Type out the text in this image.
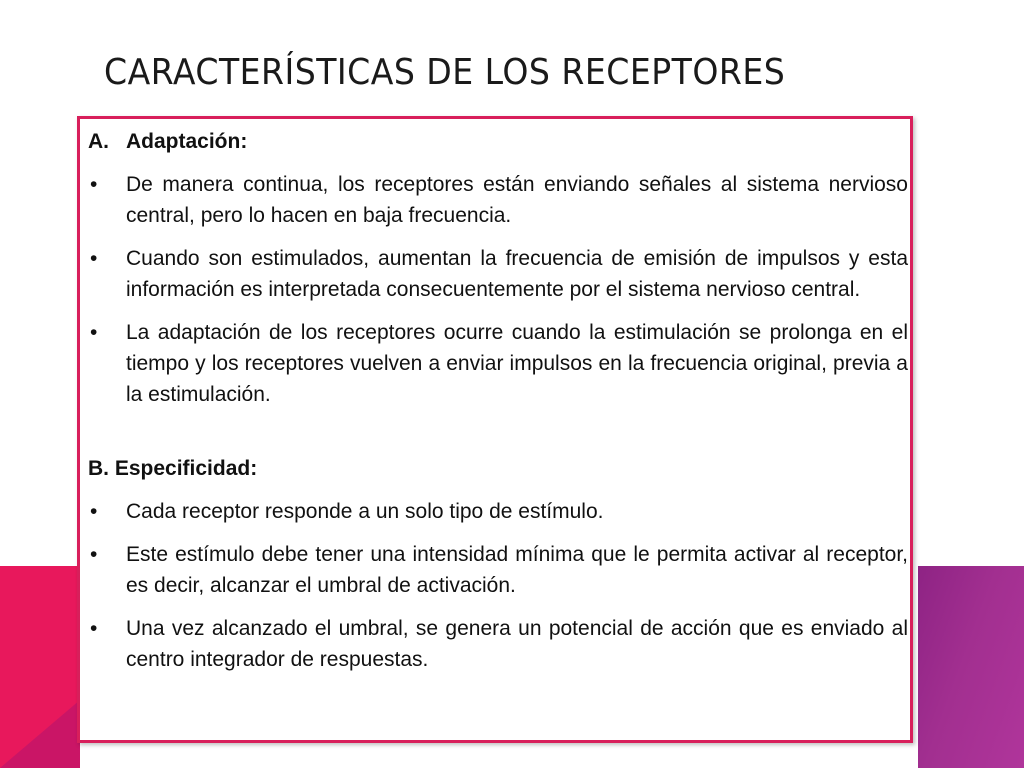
CARACTERÍSTICAS DE LOS RECEPTORES
A. Adaptación:
•	De manera continua, los receptores están enviando señales al sistema nervioso central, pero lo hacen en baja frecuencia.
•	Cuando son estimulados, aumentan la frecuencia de emisión de impulsos y esta información es interpretada consecuentemente por el sistema nervioso central.
•	La adaptación de los receptores ocurre cuando la estimulación se prolonga en el tiempo y los receptores vuelven a enviar impulsos en la frecuencia original, previa a la estimulación.
B. Especificidad:
•	Cada receptor responde a un solo tipo de estímulo.
•	Este estímulo debe tener una intensidad mínima que le permita activar al receptor, es decir, alcanzar el umbral de activación.
•	Una vez alcanzado el umbral, se genera un potencial de acción que es enviado al centro integrador de respuestas.
